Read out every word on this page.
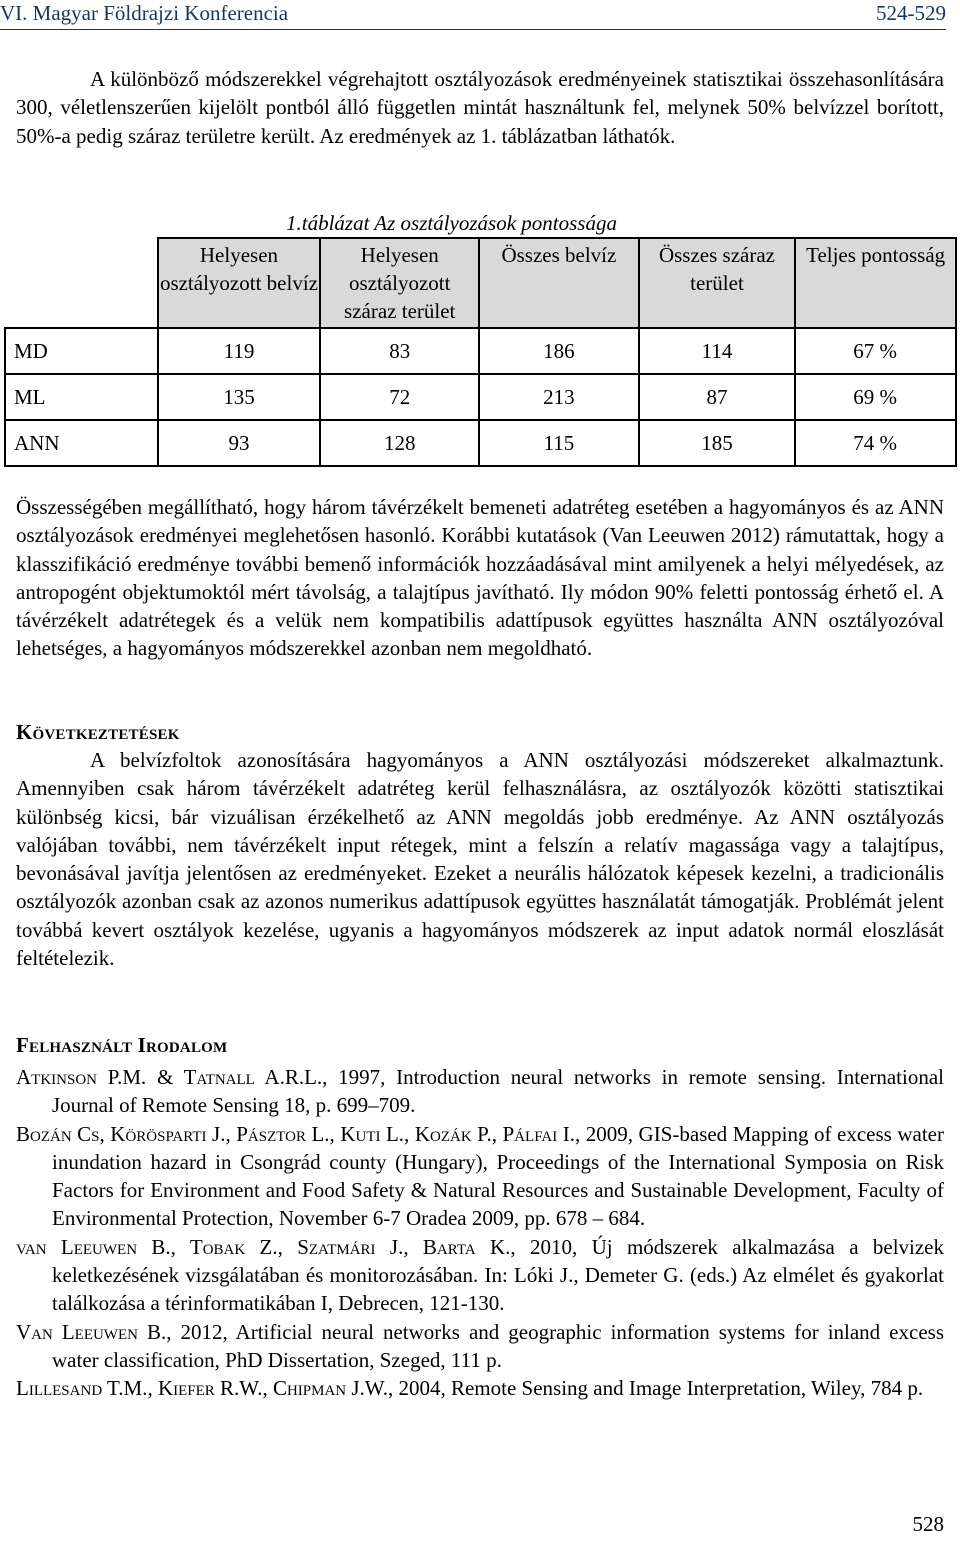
VI. Magyar Földrajzi Konferencia	524-529

A különböző módszerekkel végrehajtott osztályozások eredményeinek statisztikai összehasonlítására 300, véletlenszerűen kijelölt pontból álló független mintát használtunk fel, melynek 50% belvízzel borított, 50%-a pedig száraz területre került. Az eredmények az 1. táblázatban láthatók.

1.táblázat Az osztályozások pontossága
	Helyesen osztályozott belvíz	Helyesen osztályozott száraz terület	Összes belvíz	Összes száraz terület	Teljes pontosság
MD	119	83	186	114	67 %
ML	135	72	213	87	69 %
ANN	93	128	115	185	74 %

Összességében megállítható, hogy három távérzékelt bemeneti adatréteg esetében a hagyományos és az ANN osztályozások eredményei meglehetősen hasonló. Korábbi kutatások (Van Leeuwen 2012) rámutattak, hogy a klasszifikáció eredménye további bemenő információk hozzáadásával mint amilyenek a helyi mélyedések, az antropogént objektumoktól mért távolság, a talajtípus javítható. Ily módon 90% feletti pontosság érhető el. A távérzékelt adatrétegek és a velük nem kompatibilis adattípusok együttes használta ANN osztályozóval lehetséges, a hagyományos módszerekkel azonban nem megoldható.

Következtetések

A belvízfoltok azonosítására hagyományos a ANN osztályozási módszereket alkalmaztunk. Amennyiben csak három távérzékelt adatréteg kerül felhasználásra, az osztályozók közötti statisztikai különbség kicsi, bár vizuálisan érzékelhető az ANN megoldás jobb eredménye. Az ANN osztályozás valójában további, nem távérzékelt input rétegek, mint a felszín a relatív magassága vagy a talajtípus, bevonásával javítja jelentősen az eredményeket. Ezeket a neurális hálózatok képesek kezelni, a tradicionális osztályozók azonban csak az azonos numerikus adattípusok együttes használatát támogatják. Problémát jelent továbbá kevert osztályok kezelése, ugyanis a hagyományos módszerek az input adatok normál eloszlását feltételezik.

Felhasznált Irodalom

Atkinson P.M. & Tatnall A.R.L., 1997, Introduction neural networks in remote sensing. International Journal of Remote Sensing 18, p. 699–709.

Bozán Cs, Körösparti J., Pásztor L., Kuti L., Kozák P., Pálfai I., 2009, GIS-based Mapping of excess water inundation hazard in Csongrád county (Hungary), Proceedings of the International Symposia on Risk Factors for Environment and Food Safety & Natural Resources and Sustainable Development, Faculty of Environmental Protection, November 6-7 Oradea 2009, pp. 678 – 684.

van Leeuwen B., Tobak Z., Szatmári J., Barta K., 2010, Új módszerek alkalmazása a belvizek keletkezésének vizsgálatában és monitorozásában. In: Lóki J., Demeter G. (eds.) Az elmélet és gyakorlat találkozása a térinformatikában I, Debrecen, 121-130.

Van Leeuwen B., 2012, Artificial neural networks and geographic information systems for inland excess water classification, PhD Dissertation, Szeged, 111 p.

Lillesand T.M., Kiefer R.W., Chipman J.W., 2004, Remote Sensing and Image Interpretation, Wiley, 784 p.

528
